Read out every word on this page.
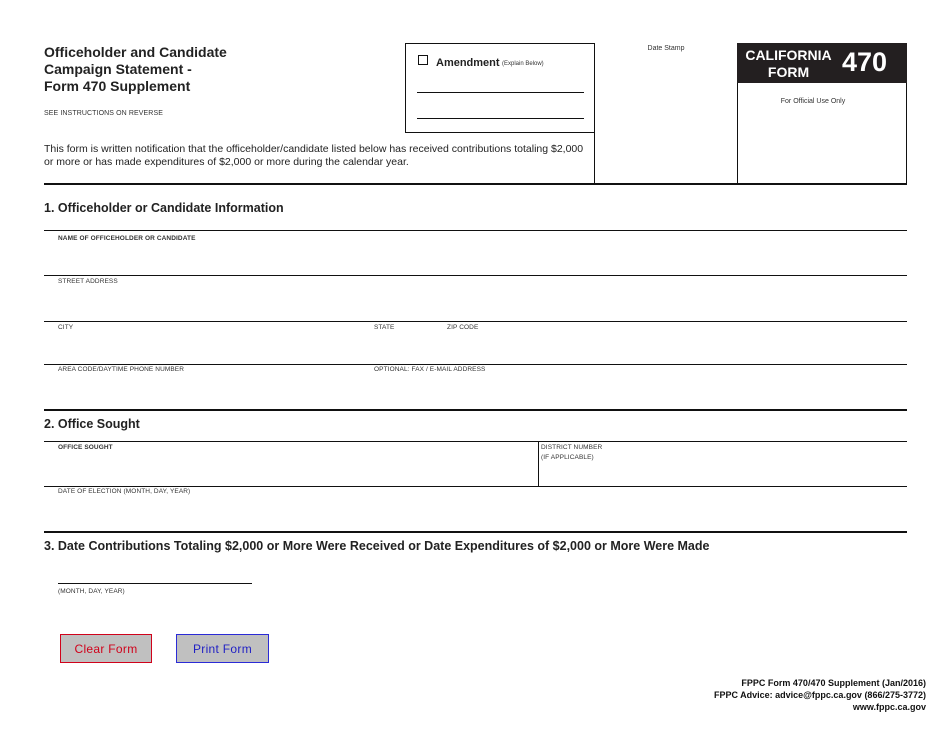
Officeholder and Candidate
Campaign Statement -
Form 470 Supplement
SEE INSTRUCTIONS ON REVERSE
Amendment (Explain Below)
Date Stamp	CALIFORNIA
FORM	470
For Official Use Only
This form is written notification that the officeholder/candidate listed below has received contributions totaling $2,000 or more or has made expenditures of $2,000 or more during the calendar year.
1. Officeholder or Candidate Information
NAME OF OFFICEHOLDER OR CANDIDATE
STREET ADDRESS
CITY	STATE	ZIP CODE
AREA CODE/DAYTIME PHONE NUMBER	OPTIONAL: FAX / E-MAIL ADDRESS
2. Office Sought
OFFICE SOUGHT	DISTRICT NUMBER
(IF APPLICABLE)
DATE OF ELECTION (MONTH, DAY, YEAR)
3. Date Contributions Totaling $2,000 or More Were Received or Date Expenditures of $2,000 or More Were Made
(MONTH, DAY, YEAR)
Clear Form	Print Form
FPPC Form 470/470 Supplement (Jan/2016)
FPPC Advice: advice@fppc.ca.gov (866/275-3772)
www.fppc.ca.gov
